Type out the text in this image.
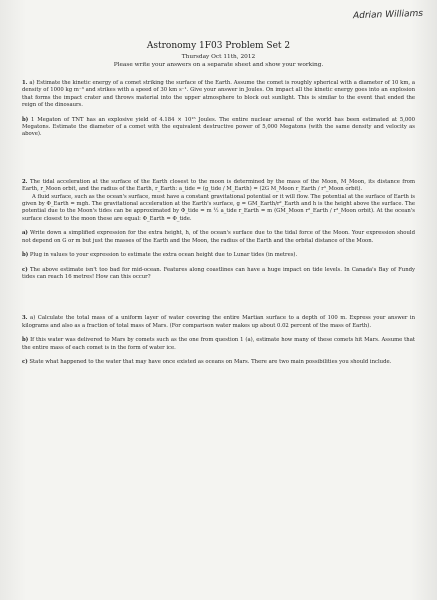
Adrian Williams
Astronomy 1F03 Problem Set 2
Thursday Oct 11th, 2012
Please write your answers on a separate sheet and show your working.

1. a) Estimate the kinetic energy of a comet striking the surface of the Earth. Assume the comet is roughly spherical with a diameter of 10 km, a density of 1000 kg m⁻³ and strikes with a speed of 30 km s⁻¹. Give your answer in Joules. On impact all the kinetic energy goes into an explosion that forms the impact crater and throws material into the upper atmosphere to block out sunlight. This is similar to the event that ended the reign of the dinosaurs.

b) 1 Megaton of TNT has an explosive yield of 4.184 × 10¹⁵ Joules. The entire nuclear arsenal of the world has been estimated at 5,000 Megatons. Estimate the diameter of a comet with the equivalent destructive power of 5,000 Megatons (with the same density and velocity as above).

2. The tidal acceleration at the surface of the Earth closest to the moon is determined by the mass of the Moon, M_Moon, its distance from Earth, r_Moon orbit, and the radius of the Earth, r_Earth: a_tide = (g_tide / M_Earth) = (2G M_Moon r_Earth / r³_Moon orbit).

A fluid surface, such as the ocean's surface, must have a constant gravitational potential or it will flow. The potential at the surface of Earth is given by Φ_Earth = mgh. The gravitational acceleration at the Earth's surface, g = GM_Earth/r²_Earth and h is the height above the surface. The potential due to the Moon's tides can be approximated by Φ_tide = m ½ a_tide r_Earth = m (GM_Moon r²_Earth / r³_Moon orbit). At the ocean's surface closest to the moon these are equal: Φ_Earth = Φ_tide.

a) Write down a simplified expression for the extra height, h, of the ocean's surface due to the tidal force of the Moon. Your expression should not depend on G or m but just the masses of the Earth and the Moon, the radius of the Earth and the orbital distance of the Moon.

b) Plug in values to your expression to estimate the extra ocean height due to Lunar tides (in metres).

c) The above estimate isn't too bad for mid-ocean. Features along coastlines can have a huge impact on tide levels. In Canada's Bay of Fundy tides can reach 16 metres! How can this occur?

3. a) Calculate the total mass of a uniform layer of water covering the entire Martian surface to a depth of 100 m. Express your answer in kilograms and also as a fraction of total mass of Mars. (For comparison water makes up about 0.02 percent of the mass of Earth).

b) If this water was delivered to Mars by comets such as the one from question 1 (a), estimate how many of these comets hit Mars. Assume that the entire mass of each comet is in the form of water ice.

c) State what happened to the water that may have once existed as oceans on Mars. There are two main possibilities you should include.
